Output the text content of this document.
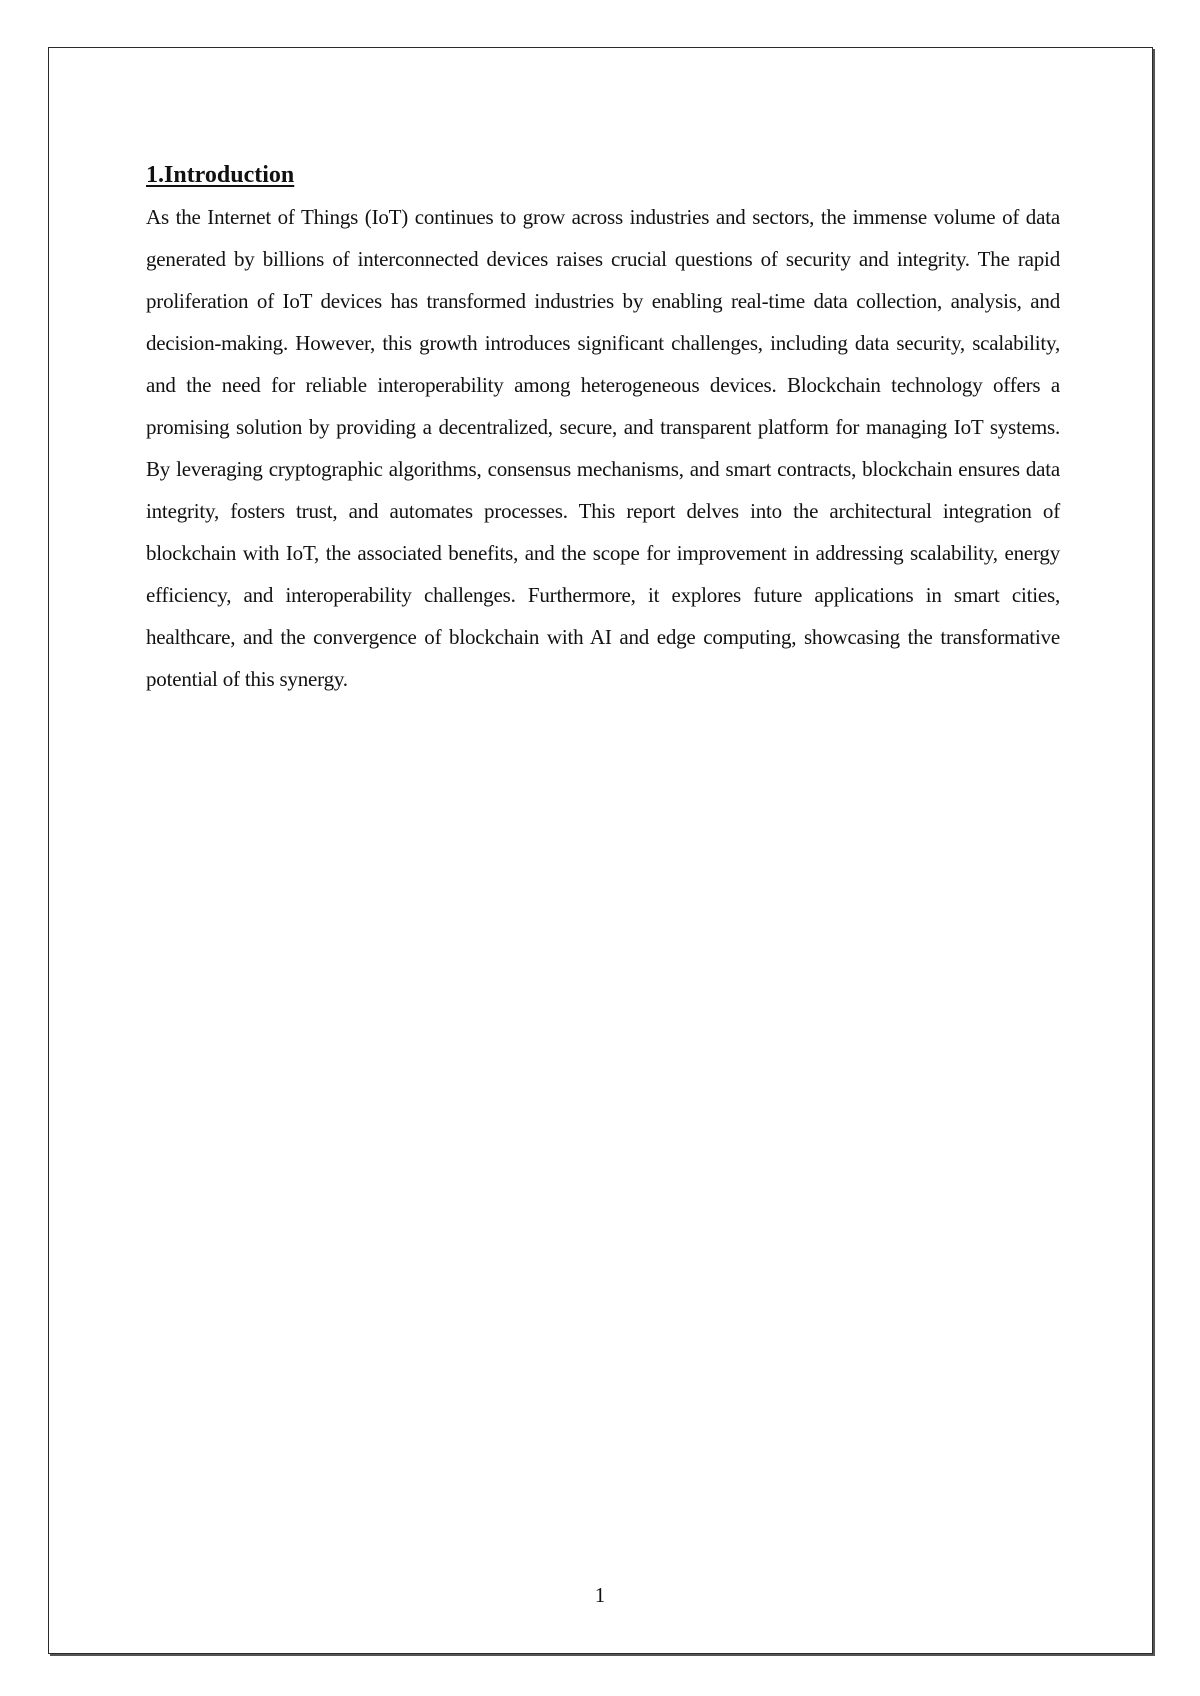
1.Introduction

As the Internet of Things (IoT) continues to grow across industries and sectors, the immense volume of data generated by billions of interconnected devices raises crucial questions of security and integrity. The rapid proliferation of IoT devices has transformed industries by enabling real-time data collection, analysis, and decision-making. However, this growth introduces significant challenges, including data security, scalability, and the need for reliable interoperability among heterogeneous devices. Blockchain technology offers a promising solution by providing a decentralized, secure, and transparent platform for managing IoT systems. By leveraging cryptographic algorithms, consensus mechanisms, and smart contracts, blockchain ensures data integrity, fosters trust, and automates processes. This report delves into the architectural integration of blockchain with IoT, the associated benefits, and the scope for improvement in addressing scalability, energy efficiency, and interoperability challenges. Furthermore, it explores future applications in smart cities, healthcare, and the convergence of blockchain with AI and edge computing, showcasing the transformative potential of this synergy.

1
